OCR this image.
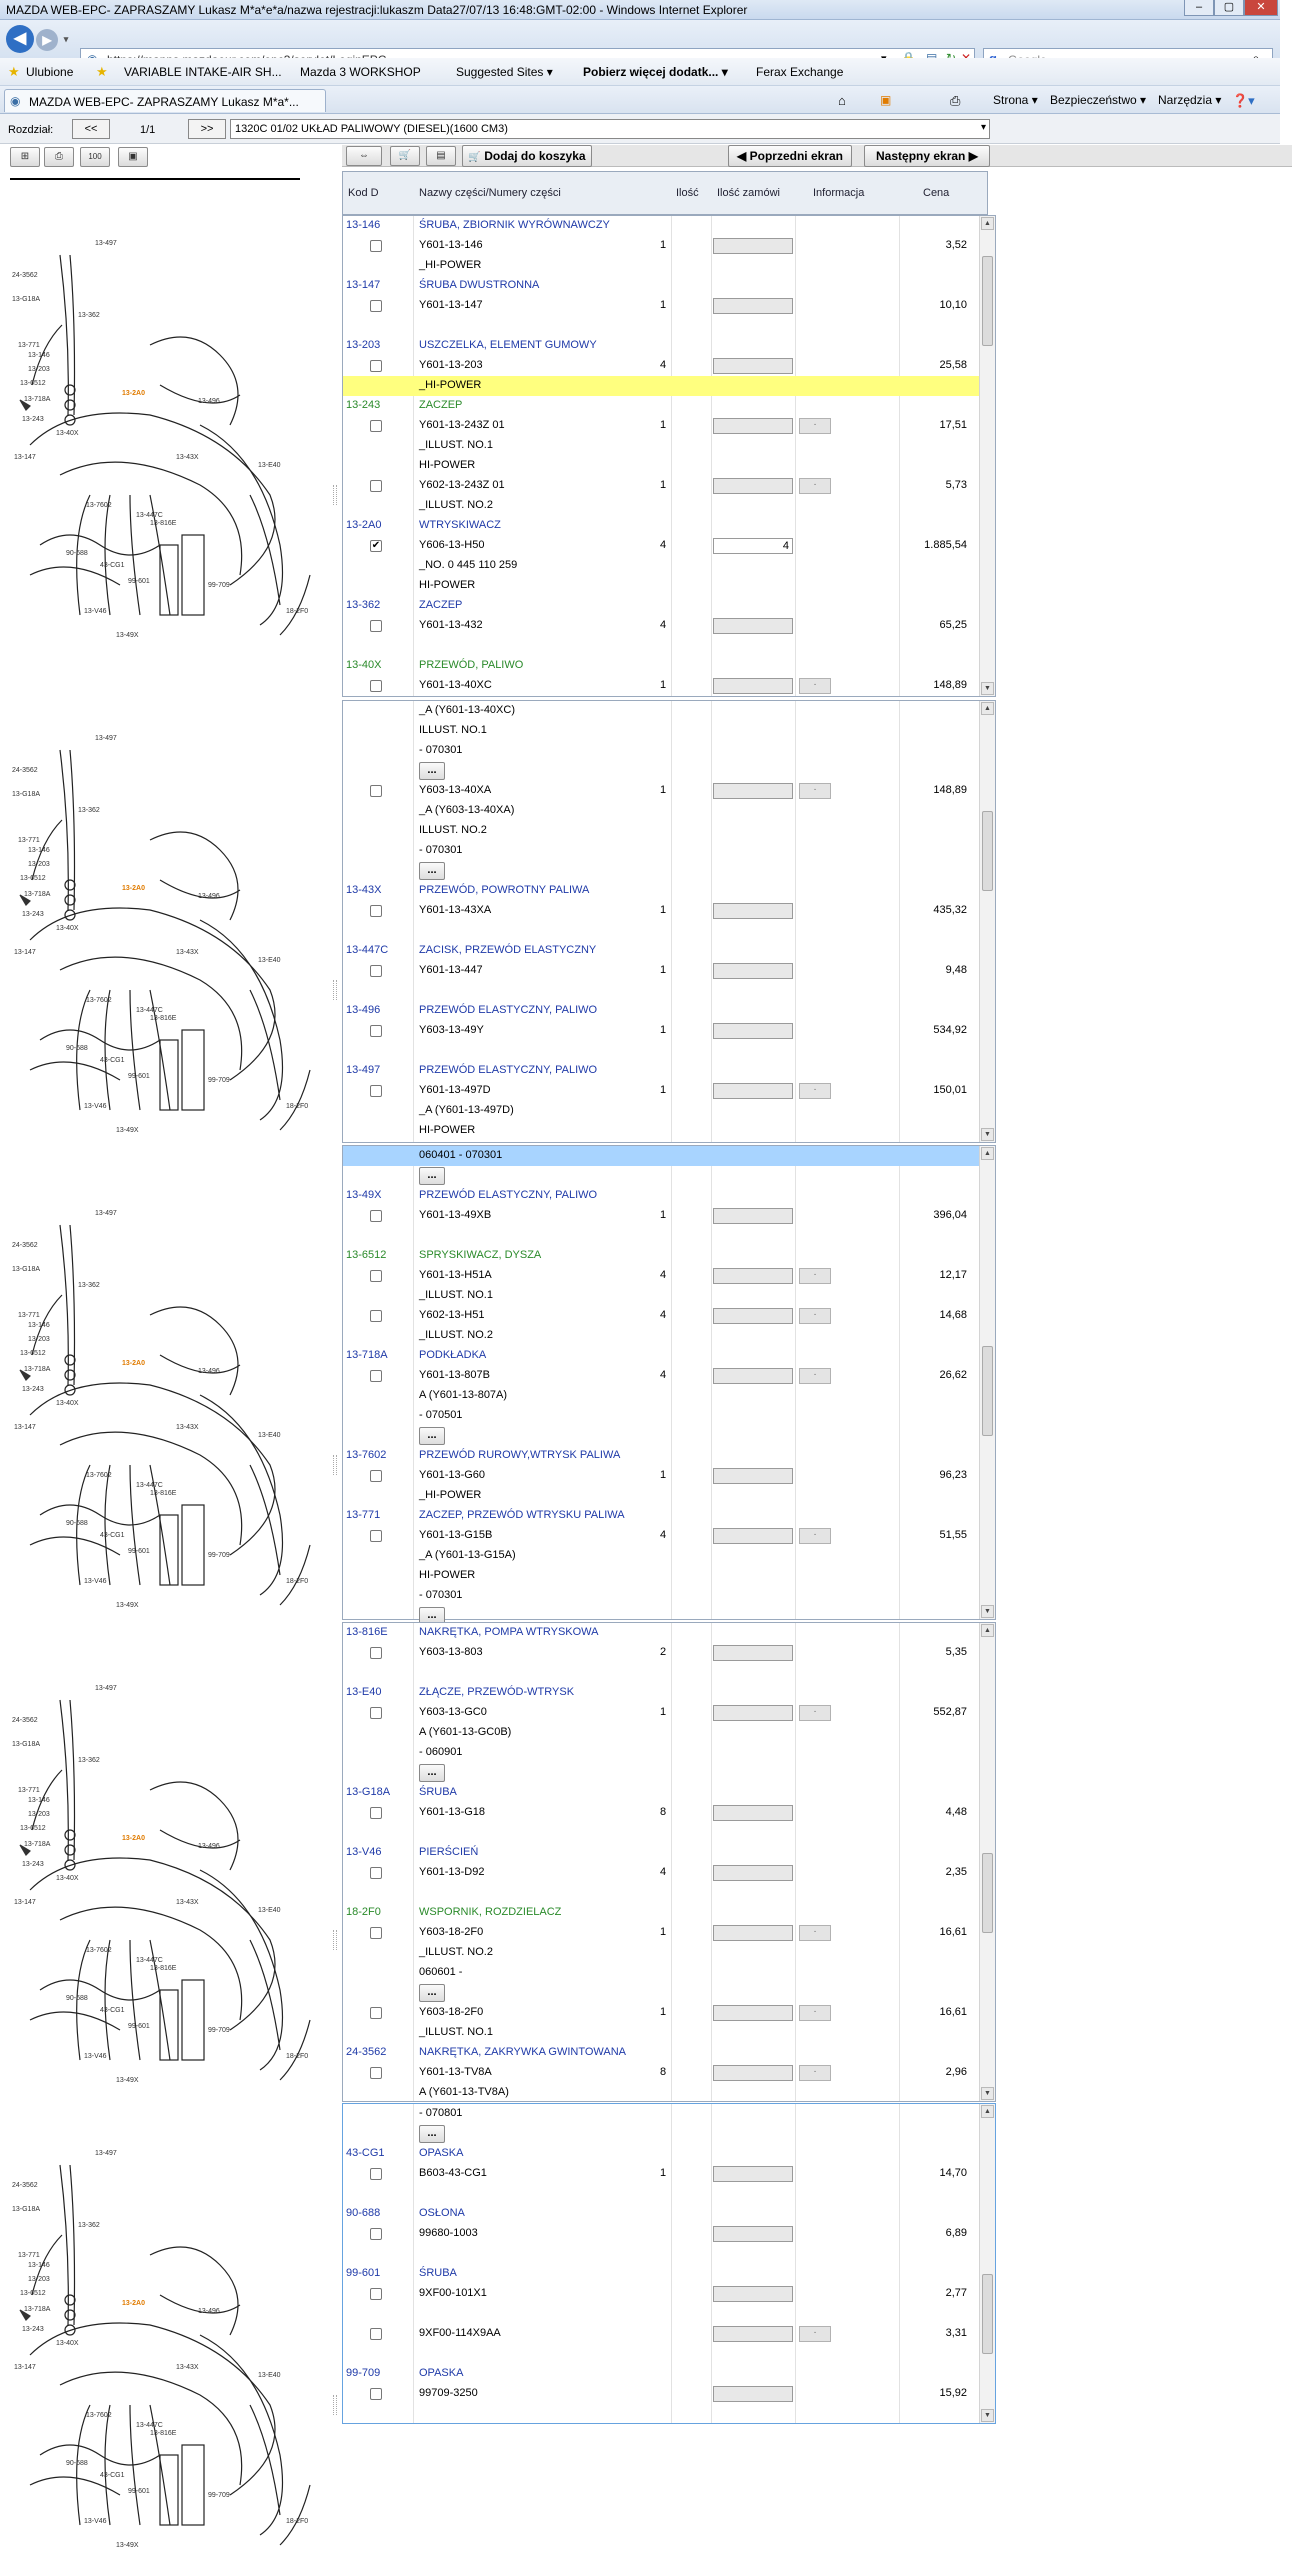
MAZDA WEB-EPC- ZAPRASZAMY Lukasz M*a*e*a/nazwa rejestracji:lukaszm Data27/07/13 16:48:GMT-02:00 - Windows Internet Explorer	–	▢	✕
◀	▶	▾
★ Ulubione ★ VARIABLE INTAKE-AIR SH... Mazda 3 WORKSHOP	Suggested Sites ▾	Pobierz więcej dodatk... ▾ Ferax Exchange
◉ MAZDA WEB-EPC- ZAPRASZAMY Lukasz M*a*...	⌂	▣	⎙	Strona ▾ Bezpieczeństwo ▾ Narzędzia ▾ ❓▾
Rozdział:	<<	1/1	>>	1320C 01/02 UKŁAD PALIWOWY (DIESEL)(1600 CM3)	▾
⊞	⎙	100	▣
13-497
24-3562
13-G18A
13-362
13-771
13-146
13-203
13-6512
13-718A
13-243
13-2A0
13-496
13-40X
13-147
13-7602
13-447C
13-43X
13-816E
13-E40
90-688
43-CG1
99-601
99-709
13-V46	18-2F0
13-49X
13-497
24-3562
13-G18A
13-362
13-771
13-146
13-203
13-6512
13-718A
13-243
13-2A0
13-496
13-40X
13-147
13-7602
13-447C
13-43X
13-816E
13-E40
90-688
43-CG1
99-601
99-709
13-V46	18-2F0
13-49X
13-497
24-3562
13-G18A
13-362
13-771
13-146
13-203
13-6512
13-718A
13-243
13-2A0
13-496
13-40X
13-147
13-7602
13-447C
13-43X
13-816E
13-E40
90-688
43-CG1
99-601
99-709
13-V46	18-2F0
13-49X
13-497
24-3562
13-G18A
13-362
13-771
13-146
13-203
13-6512
13-718A
13-243
13-2A0
13-496
13-40X
13-147
13-7602
13-447C
13-43X
13-816E
13-E40
90-688
43-CG1
99-601
99-709
13-V46	18-2F0
13-49X
13-497
24-3562
13-G18A
13-362
13-771
13-146
13-203
13-6512
13-718A
13-243
13-2A0
13-496
13-40X
13-147
13-7602
13-447C
13-43X
13-816E
13-E40
90-688
43-CG1
99-601
99-709
13-V46	18-2F0
13-49X
⇔	🛒	▤	🛒 Dodaj do koszyka	◀ Poprzedni ekran	Następny ekran ▶
Kod D	Nazwy części/Numery części	Ilość Ilość zamówi	Informacja	Cena
13-146	ŚRUBA, ZBIORNIK WYRÓWNAWCZY
Y601-13-146	1	3,52
_HI-POWER
13-147	ŚRUBA DWUSTRONNA
Y601-13-147	1	10,10
13-203	USZCZELKA, ELEMENT GUMOWY
Y601-13-203	4	25,58
_HI-POWER
13-243	ZACZEP
Y601-13-243Z 01	1	·	17,51
_ILLUST. NO.1
HI-POWER
Y602-13-243Z 01	1	·	5,73
_ILLUST. NO.2
13-2A0	WTRYSKIWACZ
✔	Y606-13-H50	4	4	1.885,54
_NO. 0 445 110 259
HI-POWER
13-362	ZACZEP
Y601-13-432	4	65,25
13-40X	PRZEWÓD, PALIWO
Y601-13-40XC	1	·	148,89
▲
▼
_A (Y601-13-40XC)
ILLUST. NO.1
- 070301
...
Y603-13-40XA	1	·	148,89
_A (Y603-13-40XA)
ILLUST. NO.2
- 070301
...
13-43X	PRZEWÓD, POWROTNY PALIWA
Y601-13-43XA	1	435,32
13-447C	ZACISK, PRZEWÓD ELASTYCZNY
Y601-13-447	1	9,48
13-496	PRZEWÓD ELASTYCZNY, PALIWO
Y603-13-49Y	1	534,92
13-497	PRZEWÓD ELASTYCZNY, PALIWO
Y601-13-497D	1	·	150,01
_A (Y601-13-497D)
HI-POWER
▲
▼
060401 - 070301
...
13-49X	PRZEWÓD ELASTYCZNY, PALIWO
Y601-13-49XB	1	396,04
13-6512	SPRYSKIWACZ, DYSZA
Y601-13-H51A	4	·	12,17
_ILLUST. NO.1
Y602-13-H51	4	·	14,68
_ILLUST. NO.2
13-718A	PODKŁADKA
Y601-13-807B	4	·	26,62
A (Y601-13-807A)
- 070501
...
13-7602	PRZEWÓD RUROWY,WTRYSK PALIWA
Y601-13-G60	1	96,23
_HI-POWER
13-771	ZACZEP, PRZEWÓD WTRYSKU PALIWA
Y601-13-G15B	4	·	51,55
_A (Y601-13-G15A)
HI-POWER
- 070301
...
▲
▼
13-816E	NAKRĘTKA, POMPA WTRYSKOWA
Y603-13-803	2	5,35
13-E40	ZŁĄCZE, PRZEWÓD-WTRYSK
Y603-13-GC0	1	·	552,87
A (Y601-13-GC0B)
- 060901
...
13-G18A	ŚRUBA
Y601-13-G18	8	4,48
13-V46	PIERŚCIEŃ
Y601-13-D92	4	2,35
18-2F0	WSPORNIK, ROZDZIELACZ
Y603-18-2F0	1	·	16,61
_ILLUST. NO.2
060601 -
...
Y603-18-2F0	1	·	16,61
_ILLUST. NO.1
24-3562	NAKRĘTKA, ZAKRYWKA GWINTOWANA
Y601-13-TV8A	8	·	2,96
A (Y601-13-TV8A)
▲
▼
- 070801
...
43-CG1	OPASKA
B603-43-CG1	1	14,70
90-688	OSŁONA
99680-1003	6,89
99-601	ŚRUBA
9XF00-101X1	2,77
9XF00-114X9AA	·	3,31
99-709	OPASKA
99709-3250	15,92
▲
▼
